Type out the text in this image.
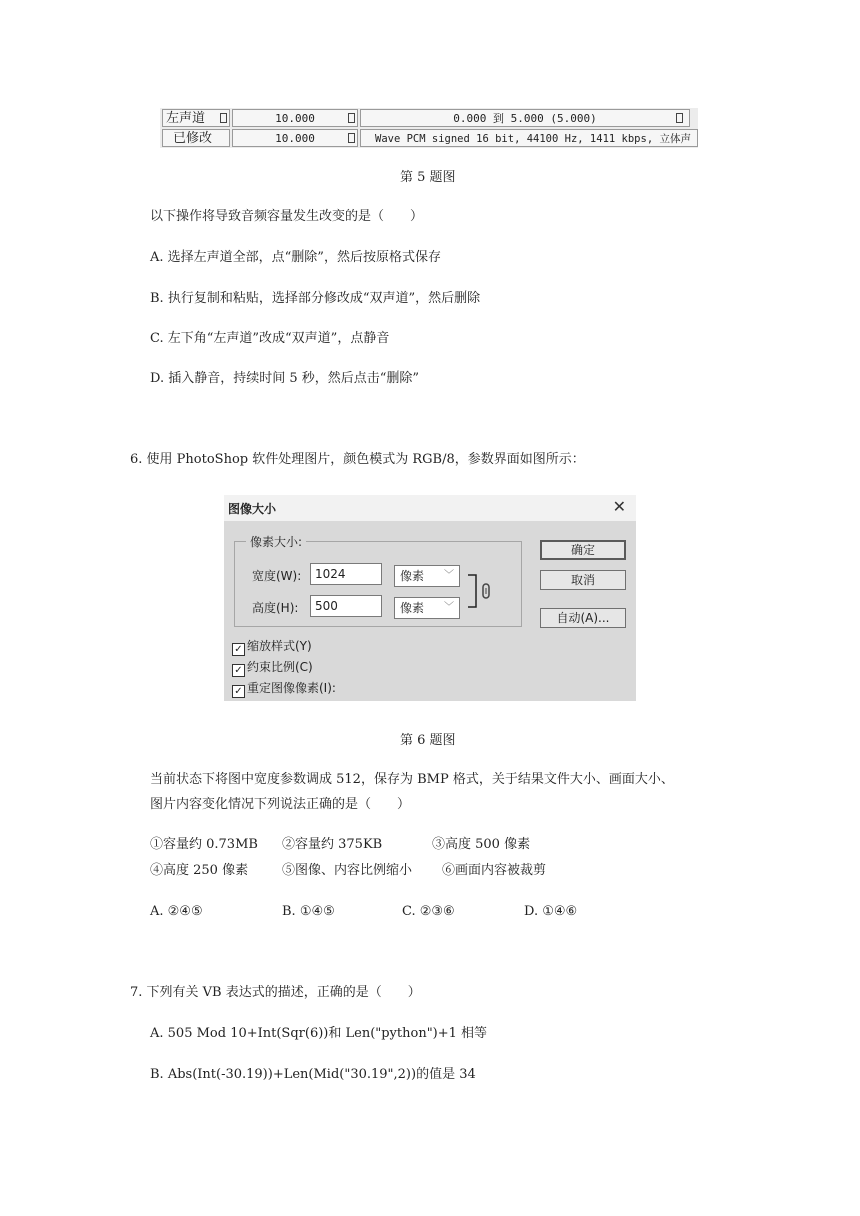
左声道	10.000	0.000 到 5.000 (5.000)
已修改	10.000	Wave PCM signed 16 bit, 44100 Hz, 1411 kbps, 立体声
第 5 题图
以下操作将导致音频容量发生改变的是（　　）
A. 选择左声道全部，点“删除”，然后按原格式保存
B. 执行复制和粘贴，选择部分修改成“双声道”，然后删除
C. 左下角“左声道”改成“双声道”，点静音
D. 插入静音，持续时间 5 秒，然后点击“删除”
6. 使用 PhotoShop 软件处理图片，颜色模式为 RGB/8，参数界面如图所示：
图像大小	✕
像素大小:
宽度(W):	1024	像素 ﹀
高度(H):	500	像素 ﹀
确定
取消
自动(A)...
✓ 缩放样式(Y)
✓ 约束比例(C)
✓ 重定图像像素(I):
第 6 题图
当前状态下将图中宽度参数调成 512，保存为 BMP 格式，关于结果文件大小、画面大小、
图片内容变化情况下列说法正确的是（　　）
①容量约 0.73MB ②容量约 375KB	③高度 500 像素
④高度 250 像素	⑤图像、内容比例缩小 ⑥画面内容被裁剪
A. ②④⑤	B. ①④⑤	C. ②③⑥	D. ①④⑥
7. 下列有关 VB 表达式的描述，正确的是（　　）
A. 505 Mod 10+Int(Sqr(6))和 Len("python")+1 相等
B. Abs(Int(-30.19))+Len(Mid("30.19",2))的值是 34
